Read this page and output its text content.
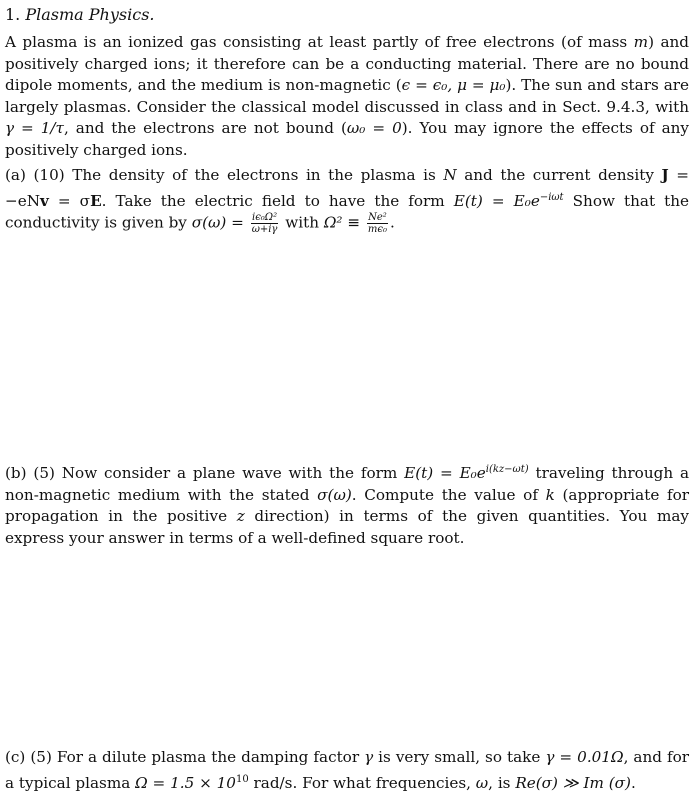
1. Plasma Physics.

A plasma is an ionized gas consisting at least partly of free electrons (of mass m) and positively charged ions; it therefore can be a conducting material. There are no bound dipole moments, and the medium is non-magnetic (ϵ = ϵ₀, μ = μ₀). The sun and stars are largely plasmas. Consider the classical model discussed in class and in Sect. 9.4.3, with γ = 1/τ, and the electrons are not bound (ω₀ = 0). You may ignore the effects of any positively charged ions.

(a) (10) The density of the electrons in the plasma is N and the current density J = −eNv = σE. Take the electric field to have the form $E(t) = E_0e^{-i\omega t}$ Show that the conductivity is given by $\sigma(\omega) = \frac{\text{iϵ₀Ω²}}{\omega+i\gamma}$ with $\Omega^2 \equiv \frac{\text{Ne²}}{\text{mϵ₀}}$ .

(b) (5) Now consider a plane wave with the form $E(t) = E_0e^{i(kz-\omega t)}$ traveling through a non-magnetic medium with the stated σ(ω). Compute the value of k (appropriate for propagation in the positive z direction) in terms of the given quantities. You may express your answer in terms of a well-defined square root.

(c) (5) For a dilute plasma the damping factor γ is very small, so take γ = 0.01Ω, and for a typical plasma $\Omega = 1.5 \times 10^{10}$ rad/s. For what frequencies, ω, is Re(σ) ≫ Im (σ).
